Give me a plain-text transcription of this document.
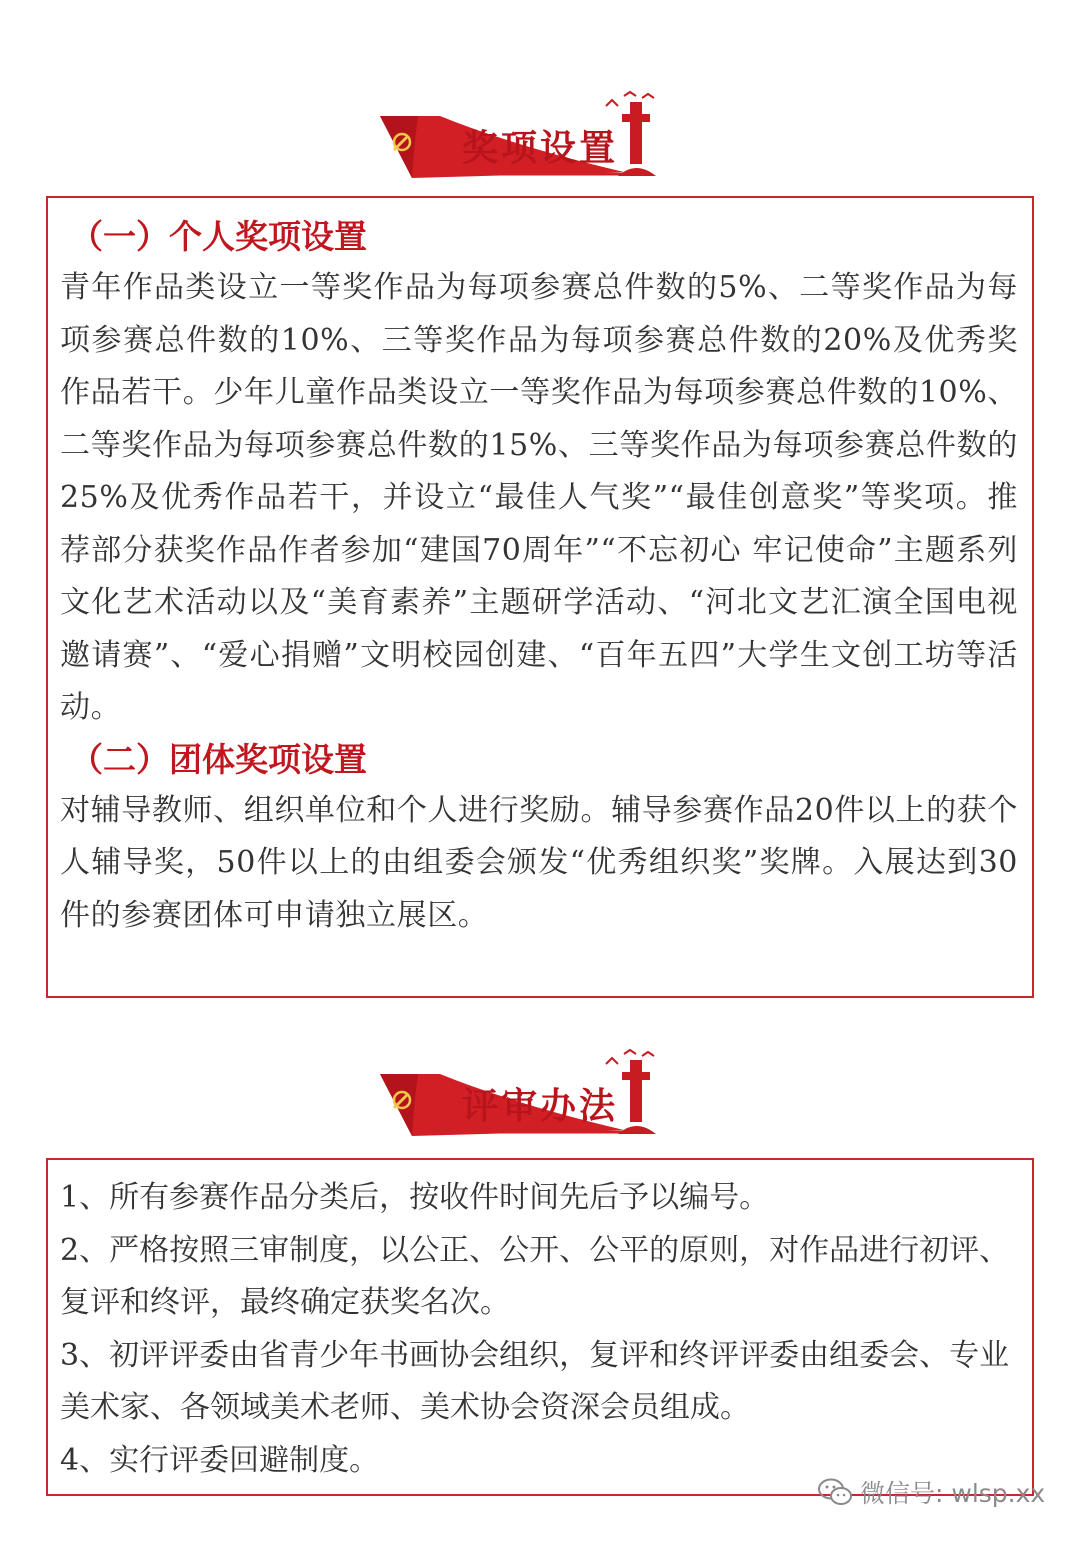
奖项设置
（一）个人奖项设置

青年作品类设立一等奖作品为每项参赛总件数的5%、二等奖作品为每项参赛总件数的10%、三等奖作品为每项参赛总件数的20%及优秀奖作品若干。少年儿童作品类设立一等奖作品为每项参赛总件数的10%、二等奖作品为每项参赛总件数的15%、三等奖作品为每项参赛总件数的25%及优秀作品若干，并设立“最佳人气奖”“最佳创意奖”等奖项。推荐部分获奖作品作者参加“建国70周年”“不忘初心 牢记使命”主题系列文化艺术活动以及“美育素养”主题研学活动、“河北文艺汇演全国电视邀请赛”、“爱心捐赠”文明校园创建、“百年五四”大学生文创工坊等活动。

（二）团体奖项设置

对辅导教师、组织单位和个人进行奖励。辅导参赛作品20件以上的获个人辅导奖，50件以上的由组委会颁发“优秀组织奖”奖牌。入展达到30件的参赛团体可申请独立展区。

评审办法

1、所有参赛作品分类后，按收件时间先后予以编号。

2、严格按照三审制度，以公正、公开、公平的原则，对作品进行初评、复评和终评，最终确定获奖名次。

3、初评评委由省青少年书画协会组织，复评和终评评委由组委会、专业美术家、各领域美术老师、美术协会资深会员组成。

4、实行评委回避制度。

微信号: wlsp.xx
